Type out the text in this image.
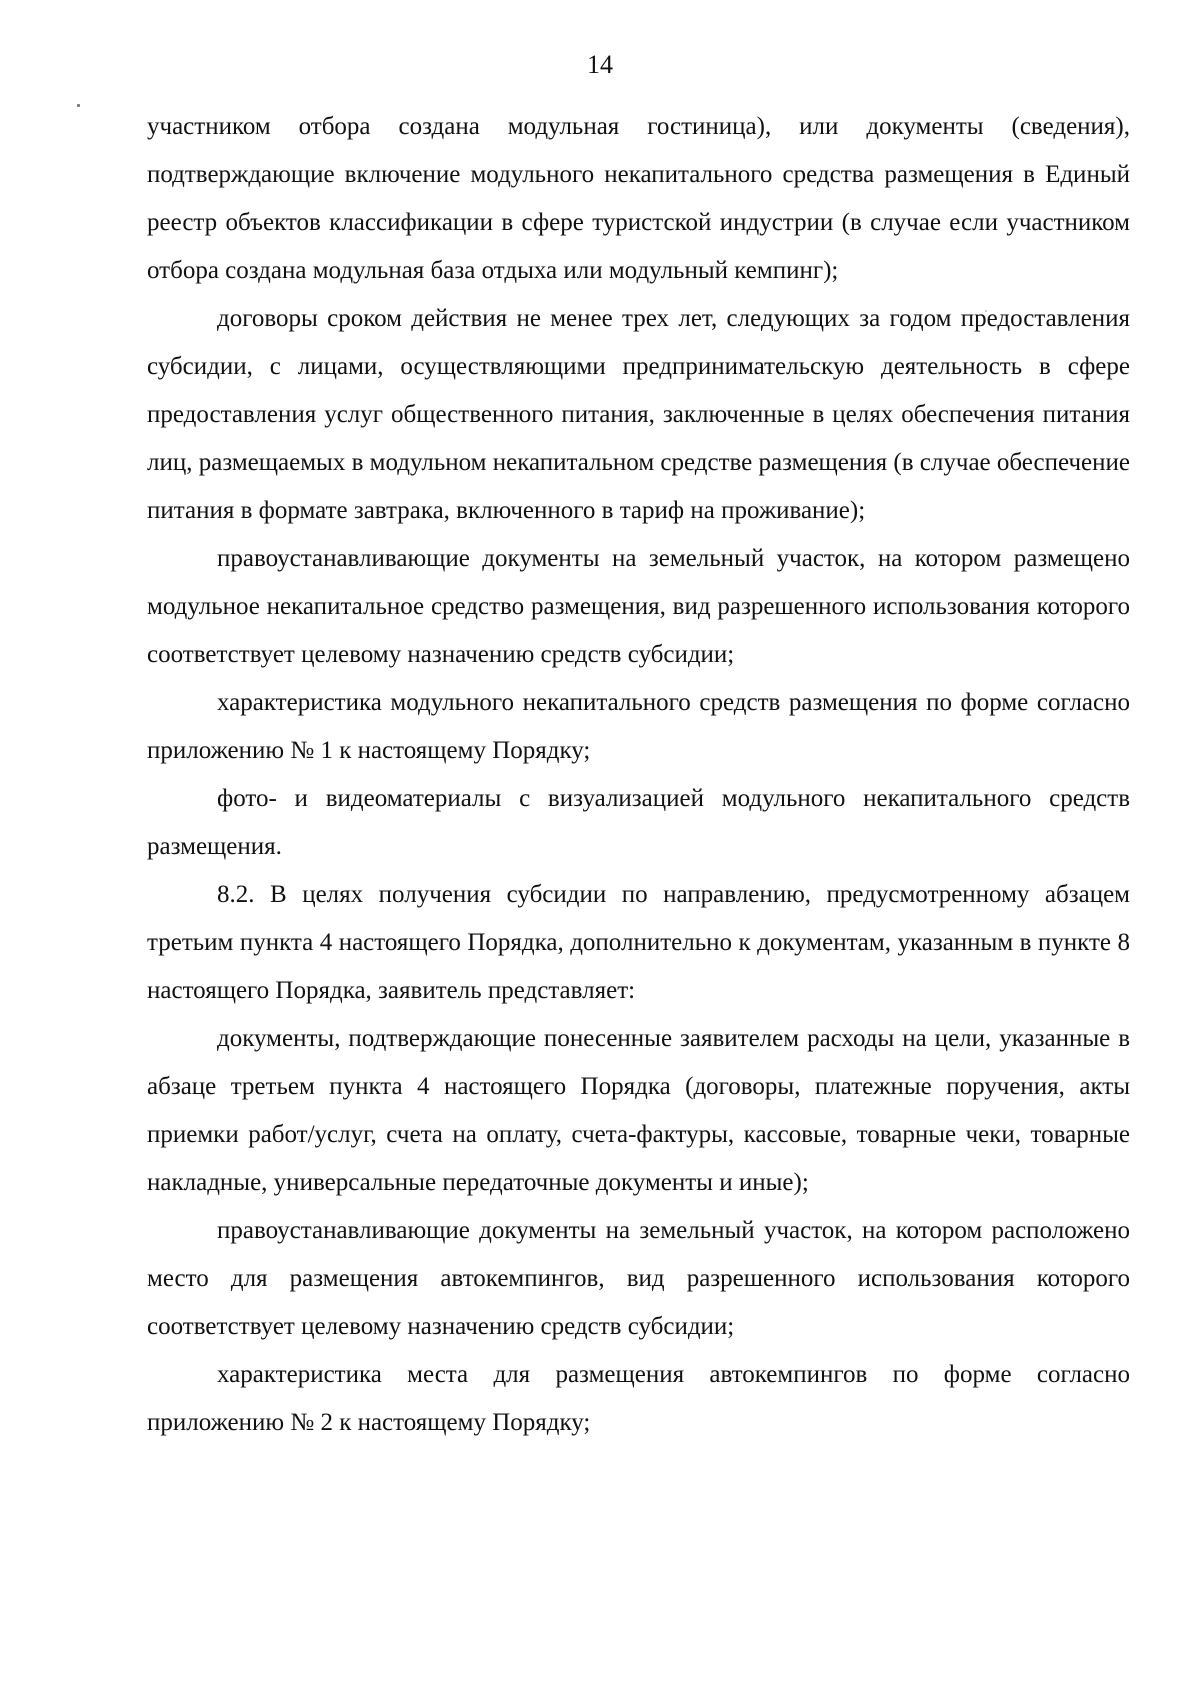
14

участником отбора создана модульная гостиница), или документы (сведения), подтверждающие включение модульного некапитального средства размещения в Единый реестр объектов классификации в сфере туристской индустрии (в случае если участником отбора создана модульная база отдыха или модульный кемпинг);

договоры сроком действия не менее трех лет, следующих за годом предоставления субсидии, с лицами, осуществляющими предпринимательскую деятельность в сфере предоставления услуг общественного питания, заключенные в целях обеспечения питания лиц, размещаемых в модульном некапитальном средстве размещения (в случае обеспечение питания в формате завтрака, включенного в тариф на проживание);

правоустанавливающие документы на земельный участок, на котором размещено модульное некапитальное средство размещения, вид разрешенного использования которого соответствует целевому назначению средств субсидии;

характеристика модульного некапитального средств размещения по форме согласно приложению № 1 к настоящему Порядку;

фото- и видеоматериалы с визуализацией модульного некапитального средств размещения.

8.2. В целях получения субсидии по направлению, предусмотренному абзацем третьим пункта 4 настоящего Порядка, дополнительно к документам, указанным в пункте 8 настоящего Порядка, заявитель представляет:

документы, подтверждающие понесенные заявителем расходы на цели, указанные в абзаце третьем пункта 4 настоящего Порядка (договоры, платежные поручения, акты приемки работ/услуг, счета на оплату, счета-фактуры, кассовые, товарные чеки, товарные накладные, универсальные передаточные документы и иные);

правоустанавливающие документы на земельный участок, на котором расположено место для размещения автокемпингов, вид разрешенного использования которого соответствует целевому назначению средств субсидии;

характеристика места для размещения автокемпингов по форме согласно приложению № 2 к настоящему Порядку;
